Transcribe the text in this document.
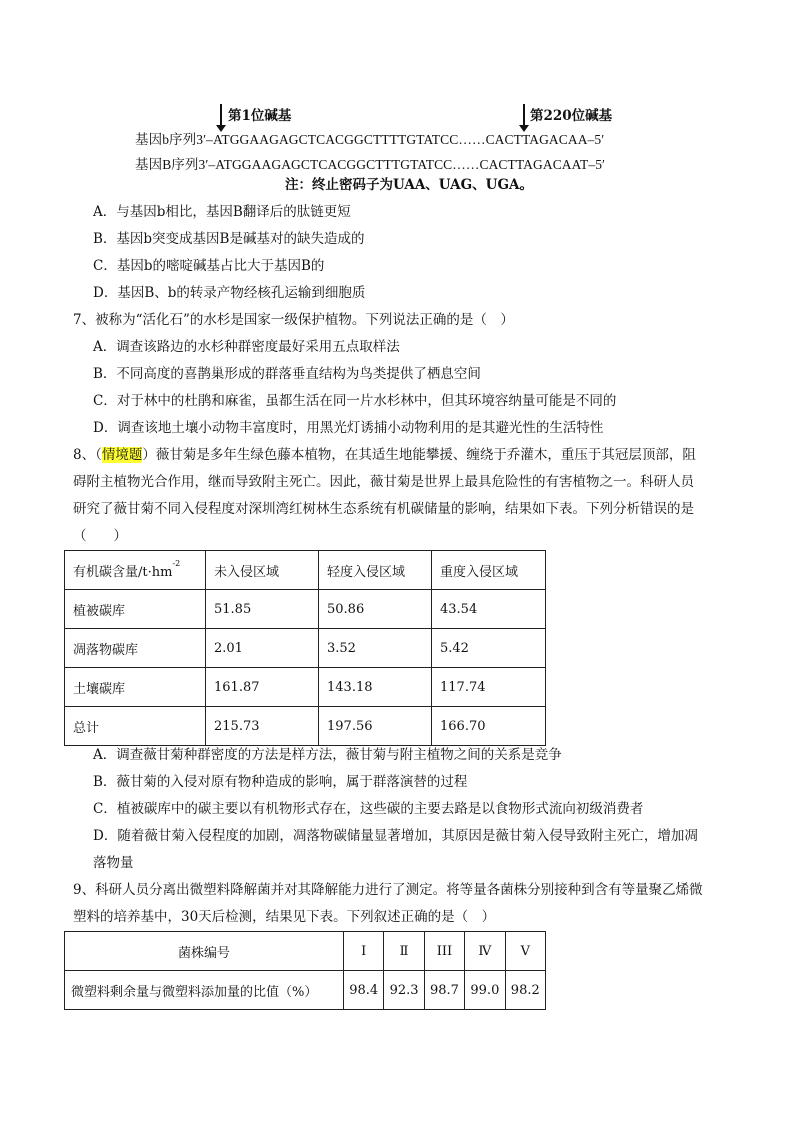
第1位碱基	第220位碱基
基因b序列3′–ATGGAAGAGCTCACGGCTTTTGTATCC……CACTTAGACAA–5′
基因B序列3′–ATGGAAGAGCTCACGGCTTTGTATCC……CACTTAGACAAT–5′
注：终止密码子为UAA、UAG、UGA。
A．与基因b相比，基因B翻译后的肽链更短
B．基因b突变成基因B是碱基对的缺失造成的
C．基因b的嘧啶碱基占比大于基因B的
D．基因B、b的转录产物经核孔运输到细胞质
7、被称为“活化石”的水杉是国家一级保护植物。下列说法正确的是（　）
A．调查该路边的水杉种群密度最好采用五点取样法
B．不同高度的喜鹊巢形成的群落垂直结构为鸟类提供了栖息空间
C．对于林中的杜鹃和麻雀，虽都生活在同一片水杉林中，但其环境容纳量可能是不同的
D．调查该地土壤小动物丰富度时，用黑光灯诱捕小动物利用的是其避光性的生活特性
8、（情境题）薇甘菊是多年生绿色藤本植物，在其适生地能攀援、缠绕于乔灌木，重压于其冠层顶部，阻
碍附主植物光合作用，继而导致附主死亡。因此，薇甘菊是世界上最具危险性的有害植物之一。科研人员
研究了薇甘菊不同入侵程度对深圳湾红树林生态系统有机碳储量的影响，结果如下表。下列分析错误的是
（　　）
有机碳含量$/t\cdot hm^{-2}$	未入侵区域	轻度入侵区域	重度入侵区域
植被碳库	51.85	50.86	43.54
凋落物碳库	2.01	3.52	5.42
土壤碳库	161.87	143.18	117.74
总计	215.73	197.56	166.70
A．调查薇甘菊种群密度的方法是样方法，薇甘菊与附主植物之间的关系是竞争
B．薇甘菊的入侵对原有物种造成的影响，属于群落演替的过程
C．植被碳库中的碳主要以有机物形式存在，这些碳的主要去路是以食物形式流向初级消费者
D．随着薇甘菊入侵程度的加剧，凋落物碳储量显著增加，其原因是薇甘菊入侵导致附主死亡，增加凋
落物量
9、科研人员分离出微塑料降解菌并对其降解能力进行了测定。将等量各菌株分别接种到含有等量聚乙烯微
塑料的培养基中，30天后检测，结果见下表。下列叙述正确的是（　）
菌株编号	I	Ⅱ	III	Ⅳ	V
微塑料剩余量与微塑料添加量的比值（%）	98.4	92.3	98.7	99.0	98.2
